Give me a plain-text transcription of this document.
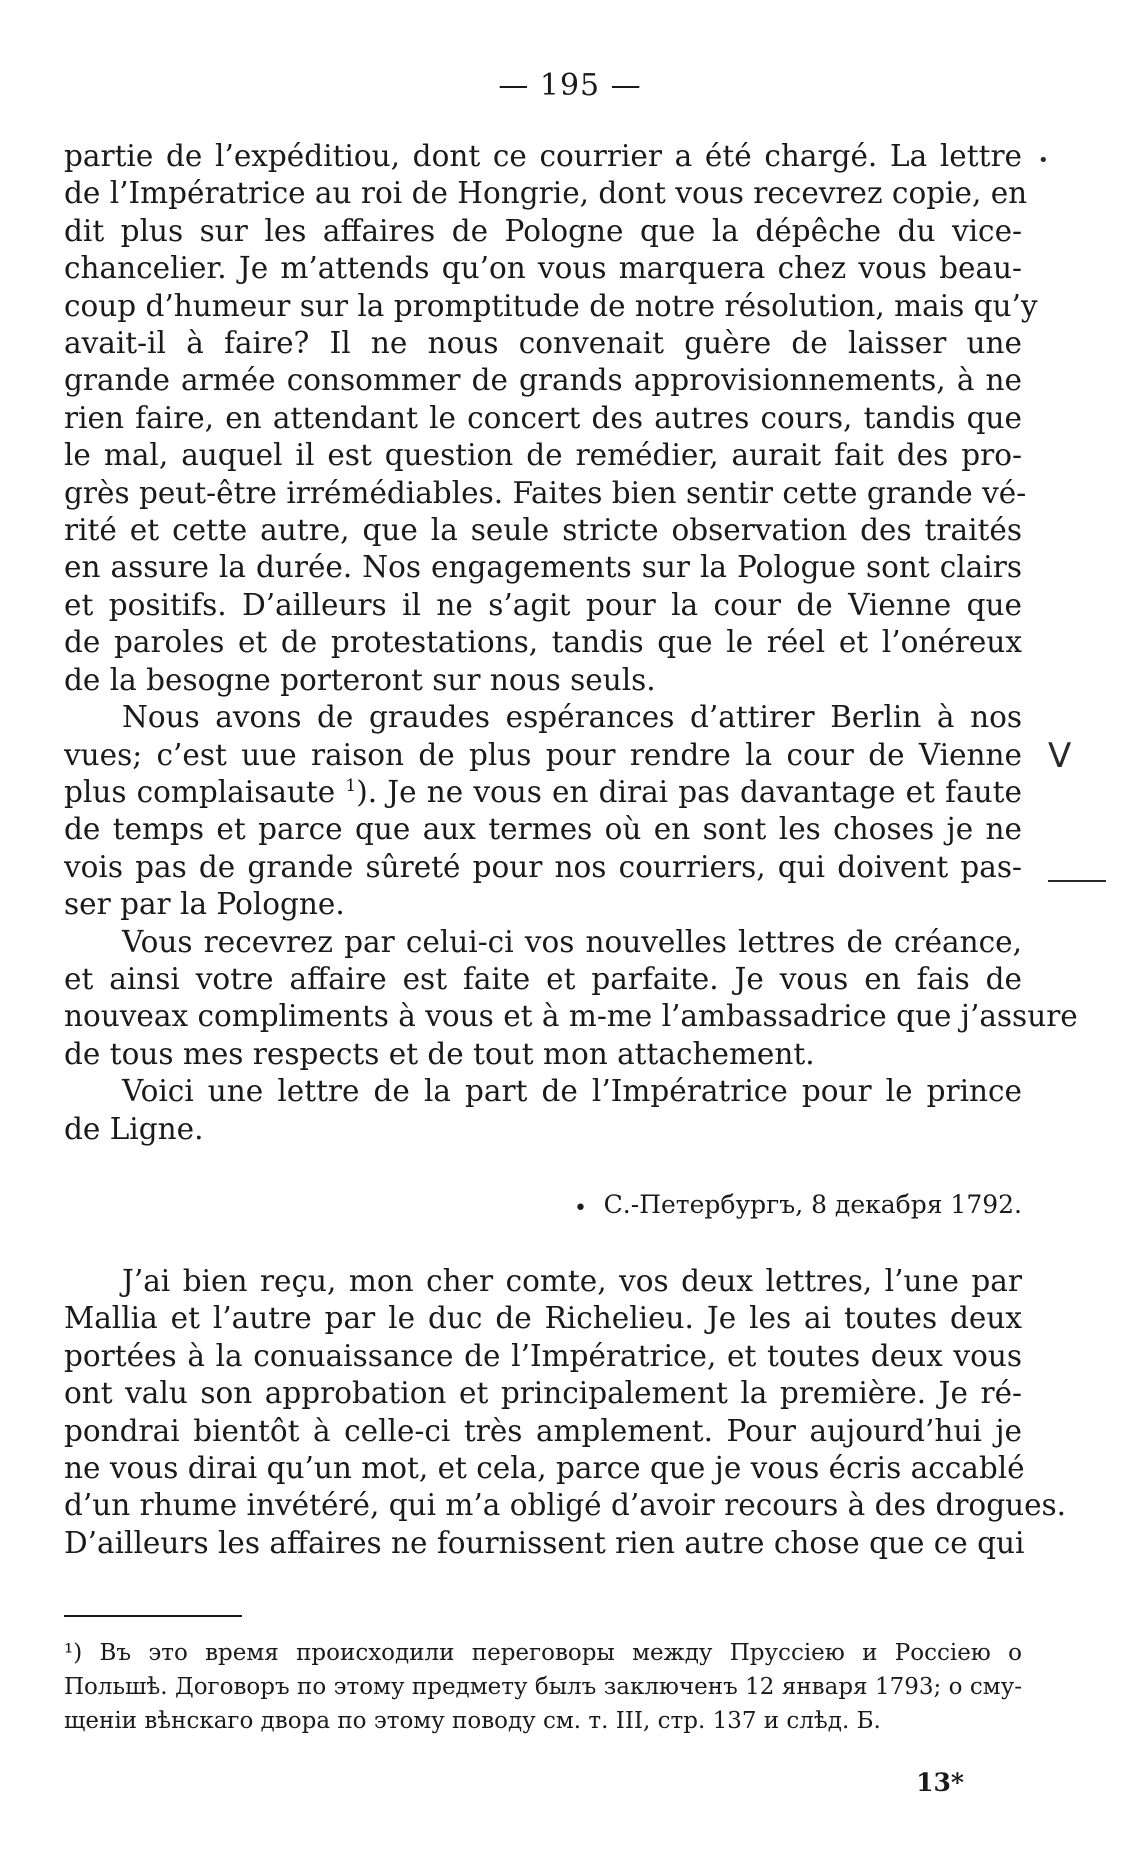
— 195 —
partie de l’expéditiou, dont ce courrier a été chargé. La lettre
de l’Impératrice au roi de Hongrie, dont vous recevrez copie, en
dit plus sur les affaires de Pologne que la dépêche du vice-
chancelier. Je m’attends qu’on vous marquera chez vous beau-
coup d’humeur sur la promptitude de notre résolution, mais qu’y
avait-il à faire? Il ne nous convenait guère de laisser une
grande armée consommer de grands approvisionnements, à ne
rien faire, en attendant le concert des autres cours, tandis que
le mal, auquel il est question de remédier, aurait fait des pro-
grès peut-être irrémédiables. Faites bien sentir cette grande vé-
rité et cette autre, que la seule stricte observation des traités
en assure la durée. Nos engagements sur la Pologue sont clairs
et positifs. D’ailleurs il ne s’agit pour la cour de Vienne que
de paroles et de protestations, tandis que le réel et l’onéreux
de la besogne porteront sur nous seuls.
Nous avons de graudes espérances d’attirer Berlin à nos
vues; c’est uue raison de plus pour rendre la cour de Vienne
plus complaisaute $^1$). Je ne vous en dirai pas davantage et faute
de temps et parce que aux termes où en sont les choses je ne
vois pas de grande sûreté pour nos courriers, qui doivent pas-
ser par la Pologne.
Vous recevrez par celui-ci vos nouvelles lettres de créance,
et ainsi votre affaire est faite et parfaite. Je vous en fais de
nouveax compliments à vous et à m-me l’ambassadrice que j’assure
de tous mes respects et de tout mon attachement.
Voici une lettre de la part de l’Impératrice pour le prince
de Ligne.
• С.-Петербургъ, 8 декабря 1792.
J’ai bien reçu, mon cher comte, vos deux lettres, l’une par
Mallia et l’autre par le duc de Richelieu. Je les ai toutes deux
portées à la conuaissance de l’Impératrice, et toutes deux vous
ont valu son approbation et principalement la première. Je ré-
pondrai bientôt à celle-ci très amplement. Pour aujourd’hui je
ne vous dirai qu’un mot, et cela, parce que je vous écris accablé
d’un rhume invétéré, qui m’a obligé d’avoir recours à des drogues.
D’ailleurs les affaires ne fournissent rien autre chose que ce qui
¹) Въ это время происходили переговоры между Пруссiею и Россiею о
Польшѣ. Договоръ по этому предмету былъ заключенъ 12 января 1793; о сму-
щенiи вѣнскаго двора по этому поводу см. т. III, стр. 137 и слѣд. Б.
13*
V
•
